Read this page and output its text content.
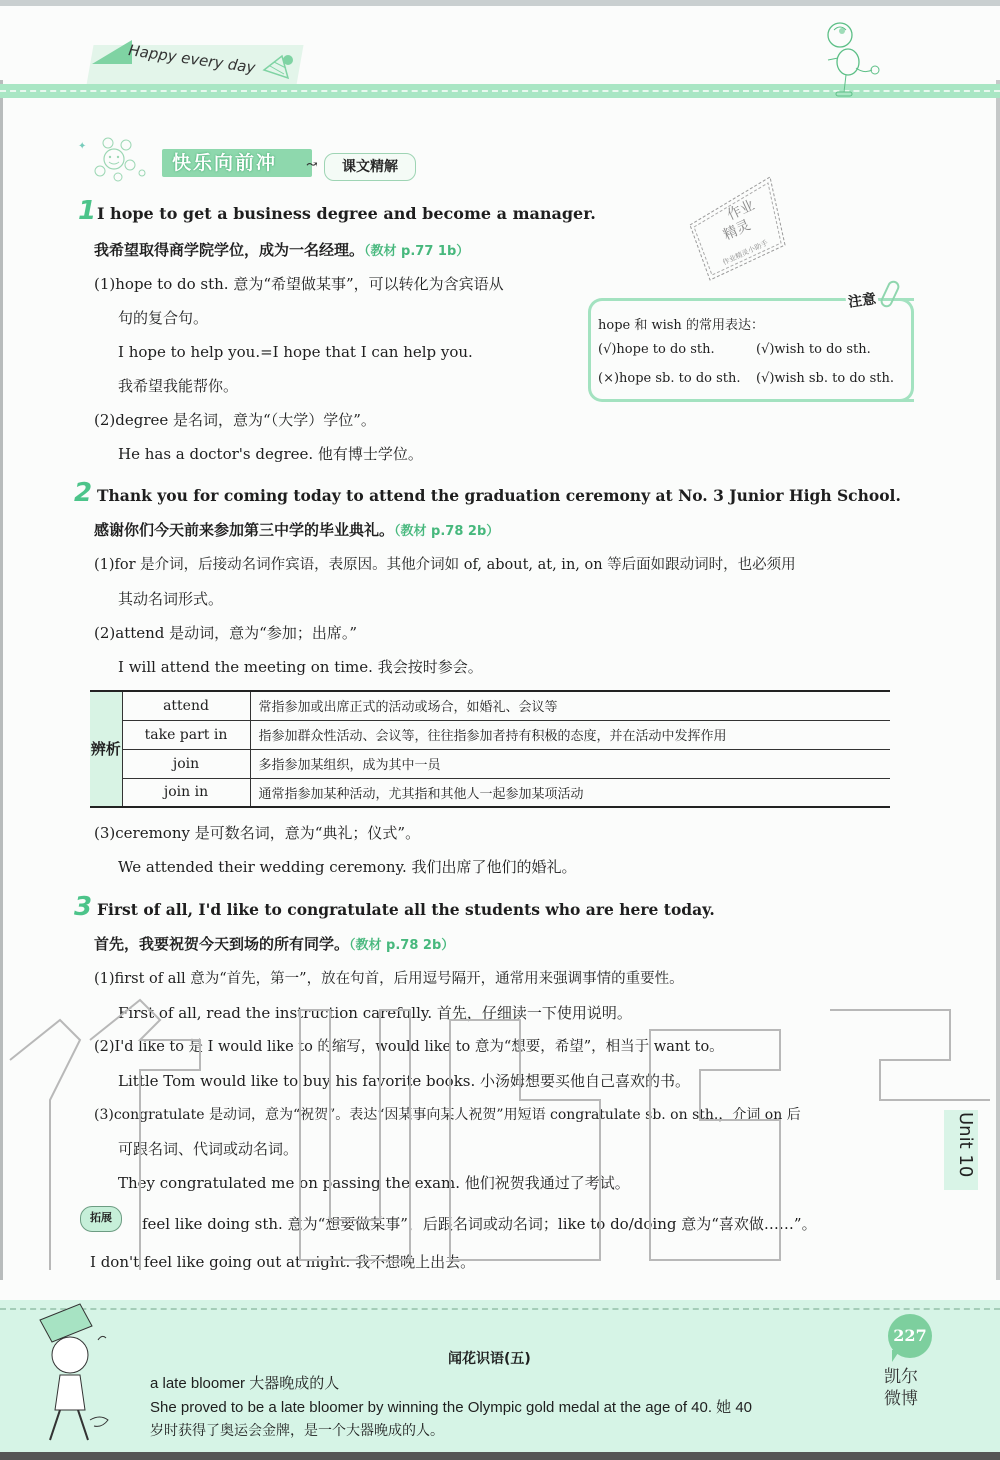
Happy every day
✦
快乐向前冲	↝	课文精解
作业
精灵
作业精灵小助手
1 I hope to get a business degree and become a manager.
我希望取得商学院学位，成为一名经理。（教材 p.77 1b）
(1)hope to do sth. 意为“希望做某事”，可以转化为含宾语从
句的复合句。
I hope to help you.=I hope that I can help you.
我希望我能帮你。
(2)degree 是名词，意为“（大学）学位”。
He has a doctor's degree. 他有博士学位。
注意
hope 和 wish 的常用表达：
(√)hope to do sth.	(√)wish to do sth.
(×)hope sb. to do sth. (√)wish sb. to do sth.
2 Thank you for coming today to attend the graduation ceremony at No. 3 Junior High School.
感谢你们今天前来参加第三中学的毕业典礼。（教材 p.78 2b）
(1)for 是介词，后接动名词作宾语，表原因。其他介词如 of, about, at, in, on 等后面如跟动词时，也必须用
其动名词形式。
(2)attend 是动词，意为“参加；出席。”
I will attend the meeting on time. 我会按时参会。
辨析	attend	常指参加或出席正式的活动或场合，如婚礼、会议等
	take part in	指参加群众性活动、会议等，往往指参加者持有积极的态度，并在活动中发挥作用
	join	多指参加某组织，成为其中一员
	join in	通常指参加某种活动，尤其指和其他人一起参加某项活动
(3)ceremony 是可数名词，意为“典礼；仪式”。
We attended their wedding ceremony. 我们出席了他们的婚礼。
3 First of all, I'd like to congratulate all the students who are here today.
首先，我要祝贺今天到场的所有同学。（教材 p.78 2b）
(1)first of all 意为“首先，第一”，放在句首，后用逗号隔开，通常用来强调事情的重要性。
First of all, read the instruction carefully. 首先，仔细读一下使用说明。
(2)I'd like to 是 I would like to 的缩写，would like to 意为“想要，希望”，相当于 want to。
Little Tom would like to buy his favorite books. 小汤姆想要买他自己喜欢的书。
(3)congratulate 是动词，意为“祝贺”。表达“因某事向某人祝贺”用短语 congratulate sb. on sth.，介词 on 后
可跟名词、代词或动名词。
They congratulated me on passing the exam. 他们祝贺我通过了考试。
拓展	feel like doing sth. 意为“想要做某事”，后跟名词或动名词；like to do/doing 意为“喜欢做……”。
I don't feel like going out at night. 我不想晚上出去。
Unit 10
闻花识语(五)
a late bloomer 大器晚成的人
She proved to be a late bloomer by winning the Olympic gold medal at the age of 40. 她 40
岁时获得了奥运会金牌，是一个大器晚成的人。
227
凯尔
微博
